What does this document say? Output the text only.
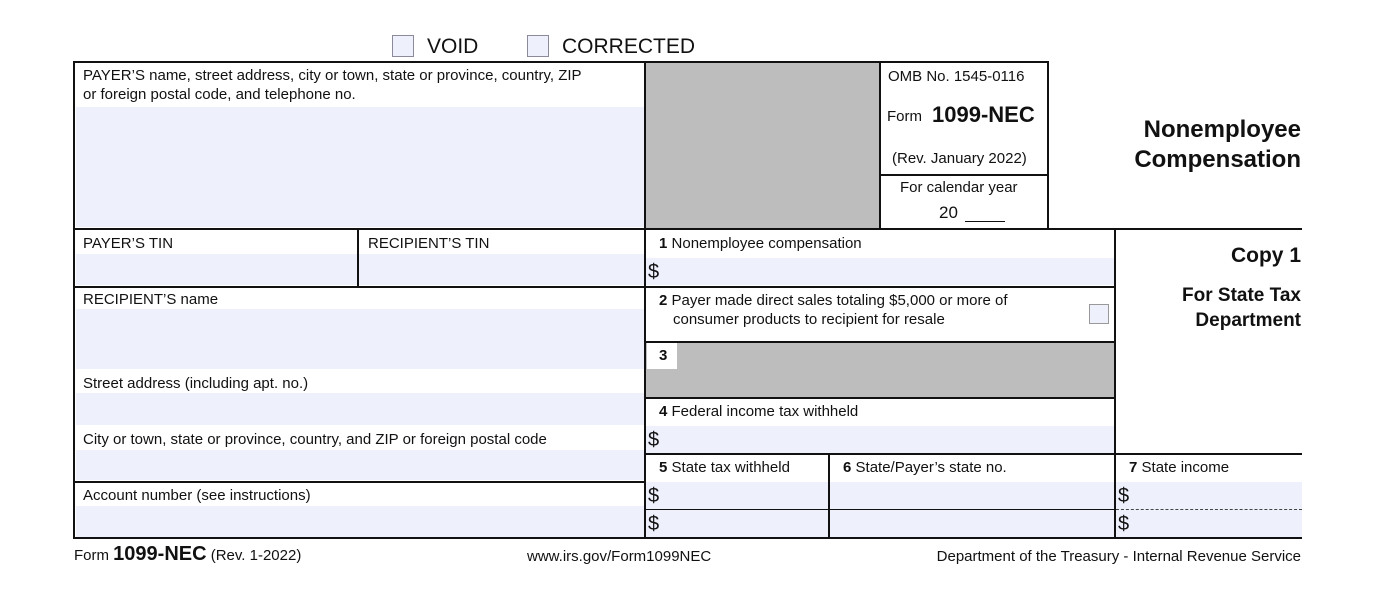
VOID	CORRECTED
PAYER’S name, street address, city or town, state or province, country, ZIP
or foreign postal code, and telephone no.
OMB No. 1545-0116
Form 1099-NEC
(Rev. January 2022)
For calendar year
20
Nonemployee
Compensation
PAYER’S TIN	RECIPIENT’S TIN
RECIPIENT’S name
Street address (including apt. no.)
City or town, state or province, country, and ZIP or foreign postal code
Account number (see instructions)
1 Nonemployee compensation
$
2 Payer made direct sales totaling $5,000 or more of
consumer products to recipient for resale
3
4 Federal income tax withheld
$
Copy 1
For State Tax
Department
5 State tax withheld
$
$
6 State/Payer’s state no.	7 State income
$
$
Form 1099-NEC (Rev. 1-2022)	www.irs.gov/Form1099NEC	Department of the Treasury - Internal Revenue Service
